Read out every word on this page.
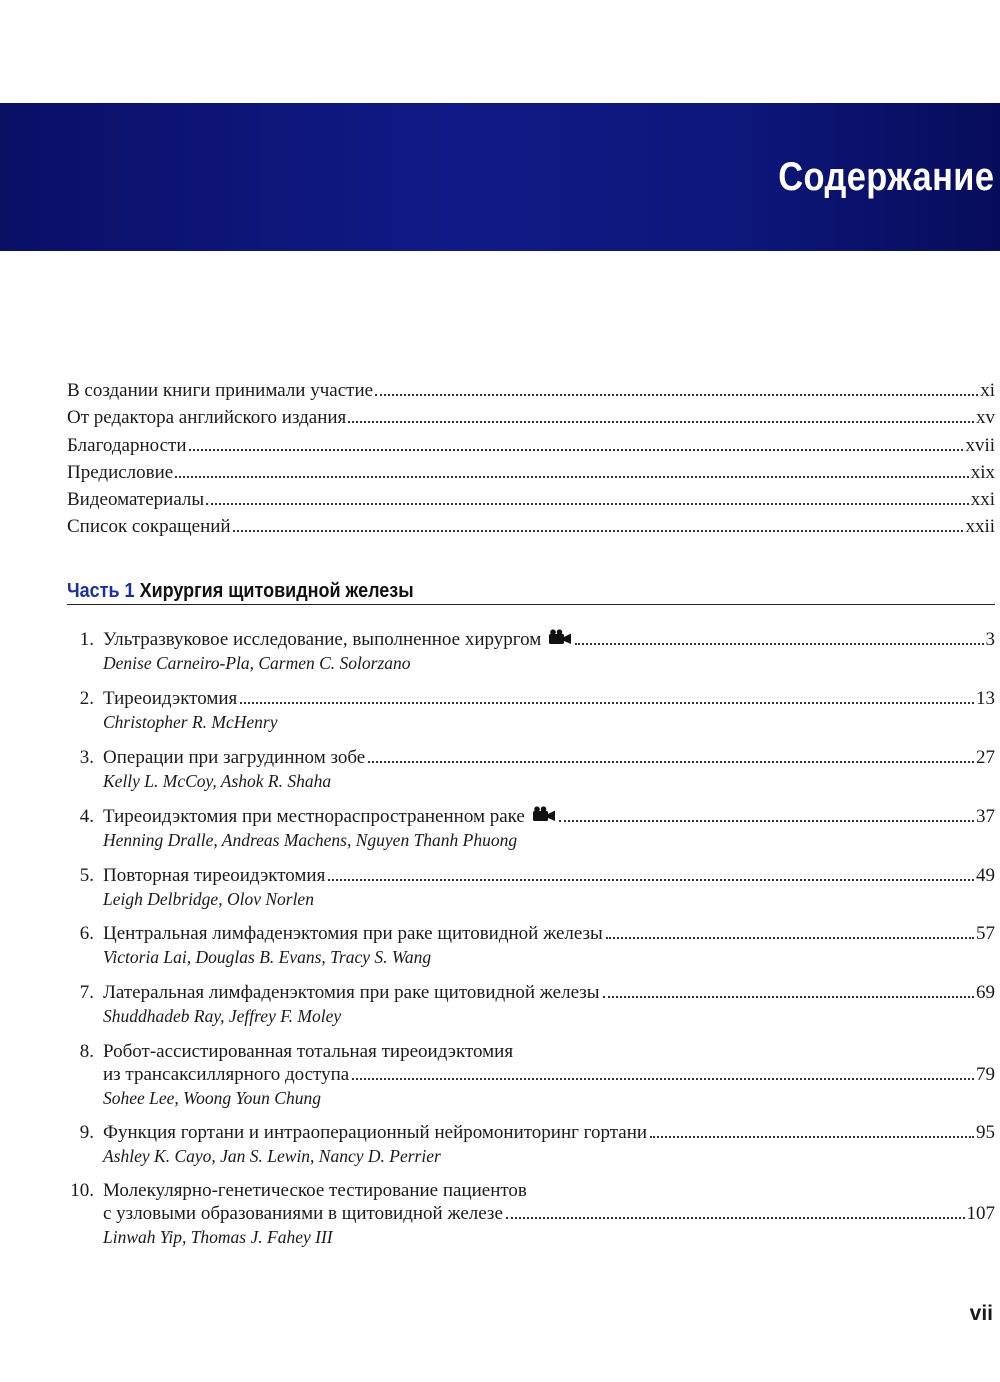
Содержание
В создании книги принимали участие	xi
От редактора английского издания	xv
Благодарности	xvii
Предисловие	xix
Видеоматериалы	xxi
Список сокращений	xxii
Часть 1 Хирургия щитовидной железы
1. Ультразвуковое исследование, выполненное хирургом	3
Denise Carneiro-Pla, Carmen C. Solorzano
2. Тиреоидэктомия	13
Christopher R. McHenry
3. Операции при загрудинном зобе	27
Kelly L. McCoy, Ashok R. Shaha
4. Тиреоидэктомия при местнораспространенном раке	37
Henning Dralle, Andreas Machens, Nguyen Thanh Phuong
5. Повторная тиреоидэктомия	49
Leigh Delbridge, Olov Norlen
6. Центральная лимфаденэктомия при раке щитовидной железы	57
Victoria Lai, Douglas B. Evans, Tracy S. Wang
7. Латеральная лимфаденэктомия при раке щитовидной железы	69
Shuddhadeb Ray, Jeffrey F. Moley
8. Робот-ассистированная тотальная тиреоидэктомия
из трансаксиллярного доступа	79
Sohee Lee, Woong Youn Chung
9. Функция гортани и интраоперационный нейромониторинг гортани	95
Ashley K. Cayo, Jan S. Lewin, Nancy D. Perrier
10. Молекулярно-генетическое тестирование пациентов
с узловыми образованиями в щитовидной железе	107
Linwah Yip, Thomas J. Fahey III
vii
